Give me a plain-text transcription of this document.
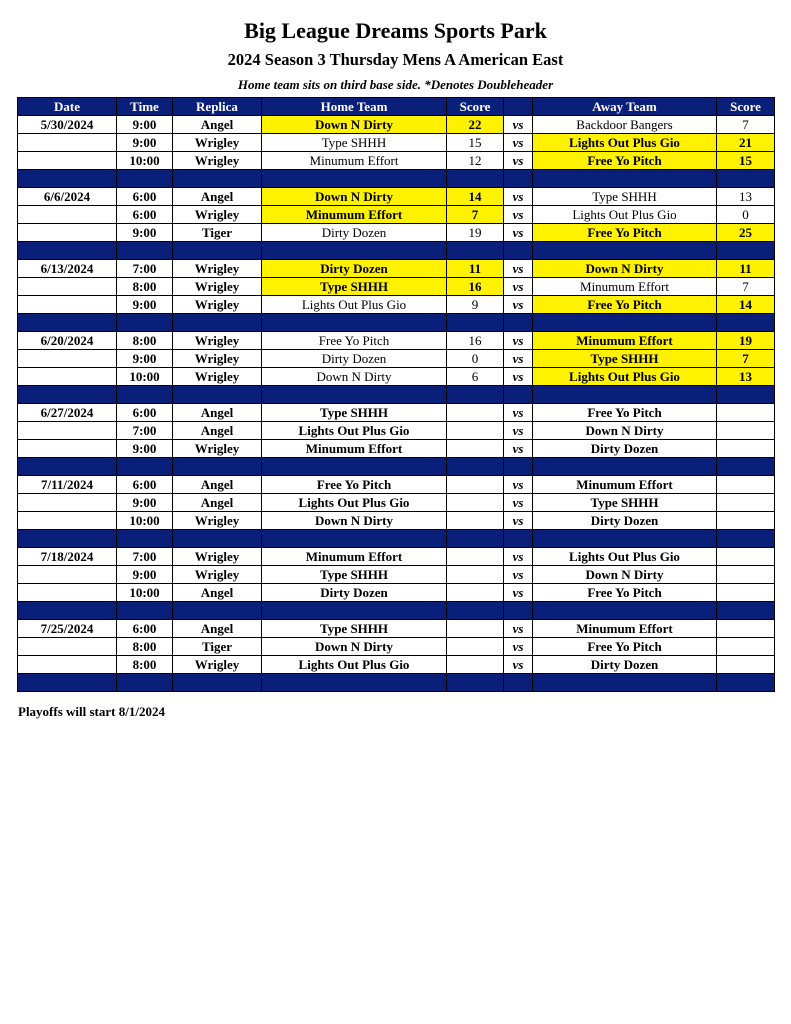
Big League Dreams Sports Park
2024 Season 3 Thursday Mens A American East

Home team sits on third base side. *Denotes Doubleheader

Date	Time	Replica	Home Team	Score		Away Team	Score
5/30/2024	9:00	Angel	Down N Dirty	22	vs	Backdoor Bangers	7
	9:00	Wrigley	Type SHHH	15	vs	Lights Out Plus Gio	21
	10:00	Wrigley	Minumum Effort	12	vs	Free Yo Pitch	15

6/6/2024	6:00	Angel	Down N Dirty	14	vs	Type SHHH	13
	6:00	Wrigley	Minumum Effort	7	vs	Lights Out Plus Gio	0
	9:00	Tiger	Dirty Dozen	19	vs	Free Yo Pitch	25

6/13/2024	7:00	Wrigley	Dirty Dozen	11	vs	Down N Dirty	11
	8:00	Wrigley	Type SHHH	16	vs	Minumum Effort	7
	9:00	Wrigley	Lights Out Plus Gio	9	vs	Free Yo Pitch	14

6/20/2024	8:00	Wrigley	Free Yo Pitch	16	vs	Minumum Effort	19
	9:00	Wrigley	Dirty Dozen	0	vs	Type SHHH	7
	10:00	Wrigley	Down N Dirty	6	vs	Lights Out Plus Gio	13

6/27/2024	6:00	Angel	Type SHHH		vs	Free Yo Pitch	
	7:00	Angel	Lights Out Plus Gio		vs	Down N Dirty	
	9:00	Wrigley	Minumum Effort		vs	Dirty Dozen	

7/11/2024	6:00	Angel	Free Yo Pitch		vs	Minumum Effort	
	9:00	Angel	Lights Out Plus Gio		vs	Type SHHH	
	10:00	Wrigley	Down N Dirty		vs	Dirty Dozen	

7/18/2024	7:00	Wrigley	Minumum Effort		vs	Lights Out Plus Gio	
	9:00	Wrigley	Type SHHH		vs	Down N Dirty	
	10:00	Angel	Dirty Dozen		vs	Free Yo Pitch	

7/25/2024	6:00	Angel	Type SHHH		vs	Minumum Effort	
	8:00	Tiger	Down N Dirty		vs	Free Yo Pitch	
	8:00	Wrigley	Lights Out Plus Gio		vs	Dirty Dozen	

Playoffs will start 8/1/2024
